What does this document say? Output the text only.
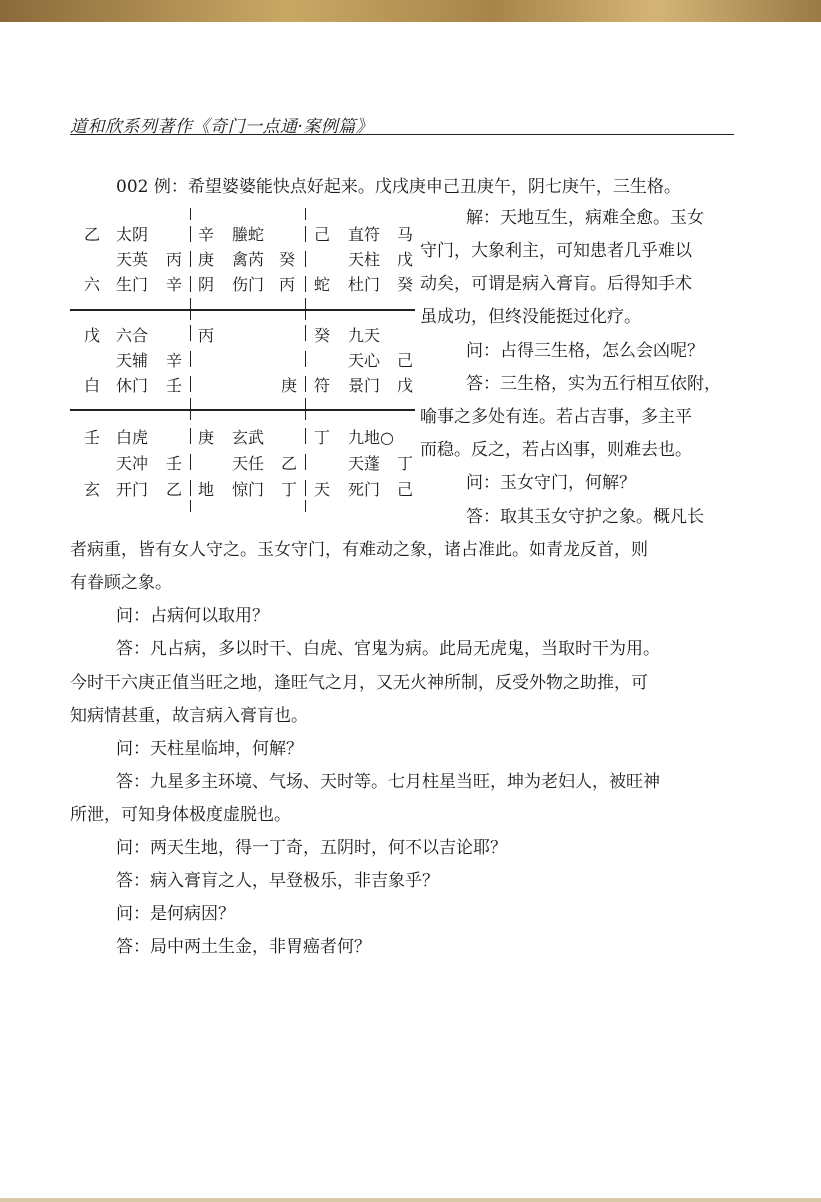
道和欣系列著作《奇门一点通·案例篇》
002 例：希望婆婆能快点好起来。戊戌庚申己丑庚午，阴七庚午，三生格。
乙 太阴
天英 丙
六 生门 辛
辛 螣蛇
庚 禽芮 癸
阴 伤门 丙
己 直符 马
天柱 戊
蛇 杜门 癸
戊 六合
天辅 辛
白 休门 壬
丙
庚
癸 九天
天心 己
符 景门 戊
壬 白虎
天冲 壬
玄 开门 乙
庚 玄武
天任 乙
地 惊门 丁
丁 九地○
天蓬 丁
天 死门 己
解：天地互生，病难全愈。玉女
守门，大象利主，可知患者几乎难以
动矣，可谓是病入膏肓。后得知手术
虽成功，但终没能挺过化疗。
问：占得三生格，怎么会凶呢？
答：三生格，实为五行相互依附，
喻事之多处有连。若占吉事，多主平
而稳。反之，若占凶事，则难去也。
问：玉女守门，何解？
答：取其玉女守护之象。概凡长
者病重，皆有女人守之。玉女守门，有难动之象，诸占准此。如青龙反首，则
有眷顾之象。
问：占病何以取用？
答：凡占病，多以时干、白虎、官鬼为病。此局无虎鬼，当取时干为用。
今时干六庚正值当旺之地，逢旺气之月，又无火神所制，反受外物之助推，可
知病情甚重，故言病入膏肓也。
问：天柱星临坤，何解？
答：九星多主环境、气场、天时等。七月柱星当旺，坤为老妇人，被旺神
所泄，可知身体极度虚脱也。
问：两天生地，得一丁奇，五阴时，何不以吉论耶？
答：病入膏肓之人，早登极乐，非吉象乎？
问：是何病因？
答：局中两土生金，非胃癌者何？
